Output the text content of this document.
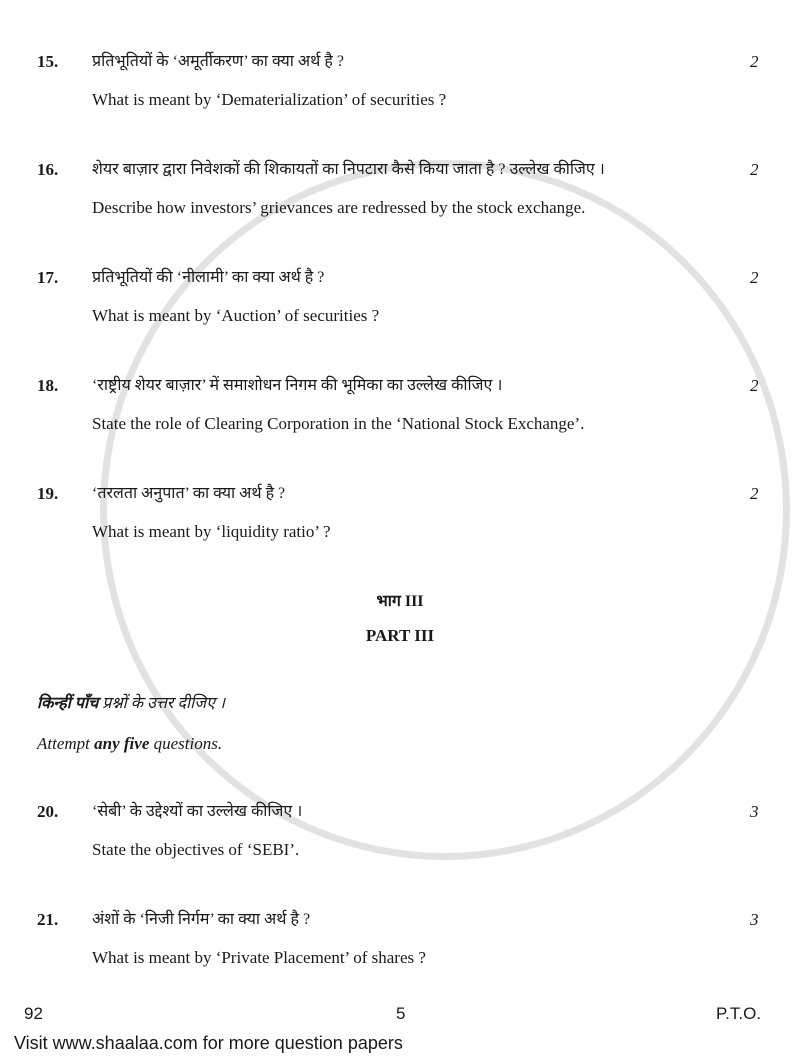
15.	प्रतिभूतियों के ‘अमूर्तीकरण’ का क्या अर्थ है ?
What is meant by ‘Dematerialization’ of securities ?
2
16.	शेयर बाज़ार द्वारा निवेशकों की शिकायतों का निपटारा कैसे किया जाता है ? उल्लेख कीजिए ।
Describe how investors’ grievances are redressed by the stock exchange.
2
17.	प्रतिभूतियों की ‘नीलामी’ का क्या अर्थ है ?
What is meant by ‘Auction’ of securities ?
2
18.	‘राष्ट्रीय शेयर बाज़ार’ में समाशोधन निगम की भूमिका का उल्लेख कीजिए ।
State the role of Clearing Corporation in the ‘National Stock Exchange’.
2
19.	‘तरलता अनुपात’ का क्या अर्थ है ?
What is meant by ‘liquidity ratio’ ?
2
भाग III
PART III
किन्हीं पाँच प्रश्नों के उत्तर दीजिए ।
Attempt any five questions.
20.	‘सेबी’ के उद्देश्यों का उल्लेख कीजिए ।
State the objectives of ‘SEBI’.
3
21.	अंशों के ‘निजी निर्गम’ का क्या अर्थ है ?
What is meant by ‘Private Placement’ of shares ?
3
92	5	P.T.O.
Visit www.shaalaa.com for more question papers
